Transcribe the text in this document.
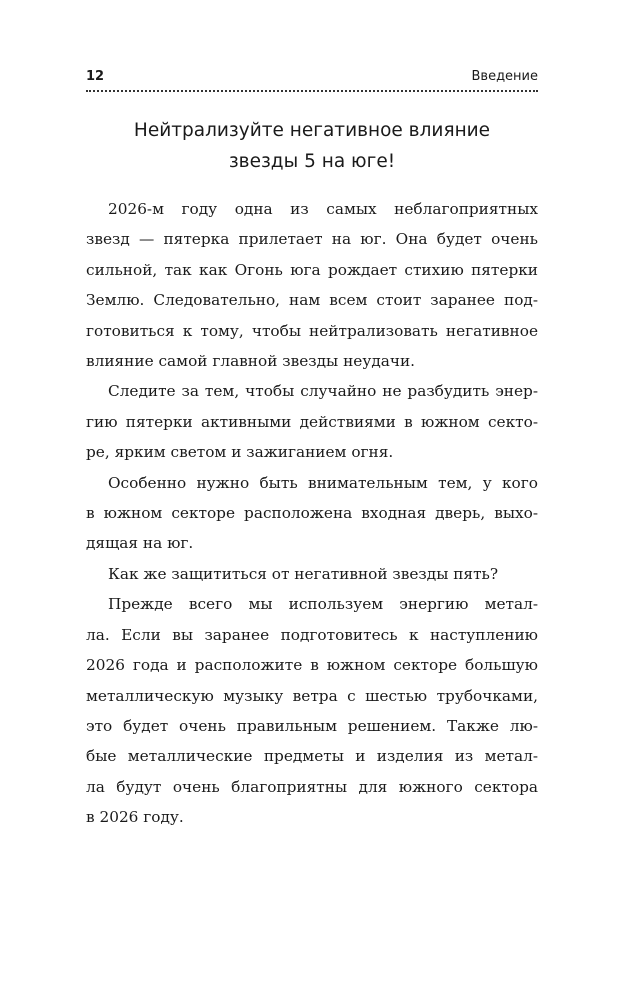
12	Введение
Нейтрализуйте негативное влияние
звезды 5 на юге!
2026-м году одна из самых неблагоприятных
звезд — пятерка прилетает на юг. Она будет очень
сильной, так как Огонь юга рождает стихию пятерки
Землю. Следовательно, нам всем стоит заранее под-
готовиться к тому, чтобы нейтрализовать негативное
влияние самой главной звезды неудачи.
Следите за тем, чтобы случайно не разбудить энер-
гию пятерки активными действиями в южном секто-
ре, ярким светом и зажиганием огня.
Особенно нужно быть внимательным тем, у кого
в южном секторе расположена входная дверь, выхо-
дящая на юг.
Как же защититься от негативной звезды пять?
Прежде всего мы используем энергию метал-
ла. Если вы заранее подготовитесь к наступлению
2026 года и расположите в южном секторе большую
металлическую музыку ветра с шестью трубочками,
это будет очень правильным решением. Также лю-
бые металлические предметы и изделия из метал-
ла будут очень благоприятны для южного сектора
в 2026 году.
